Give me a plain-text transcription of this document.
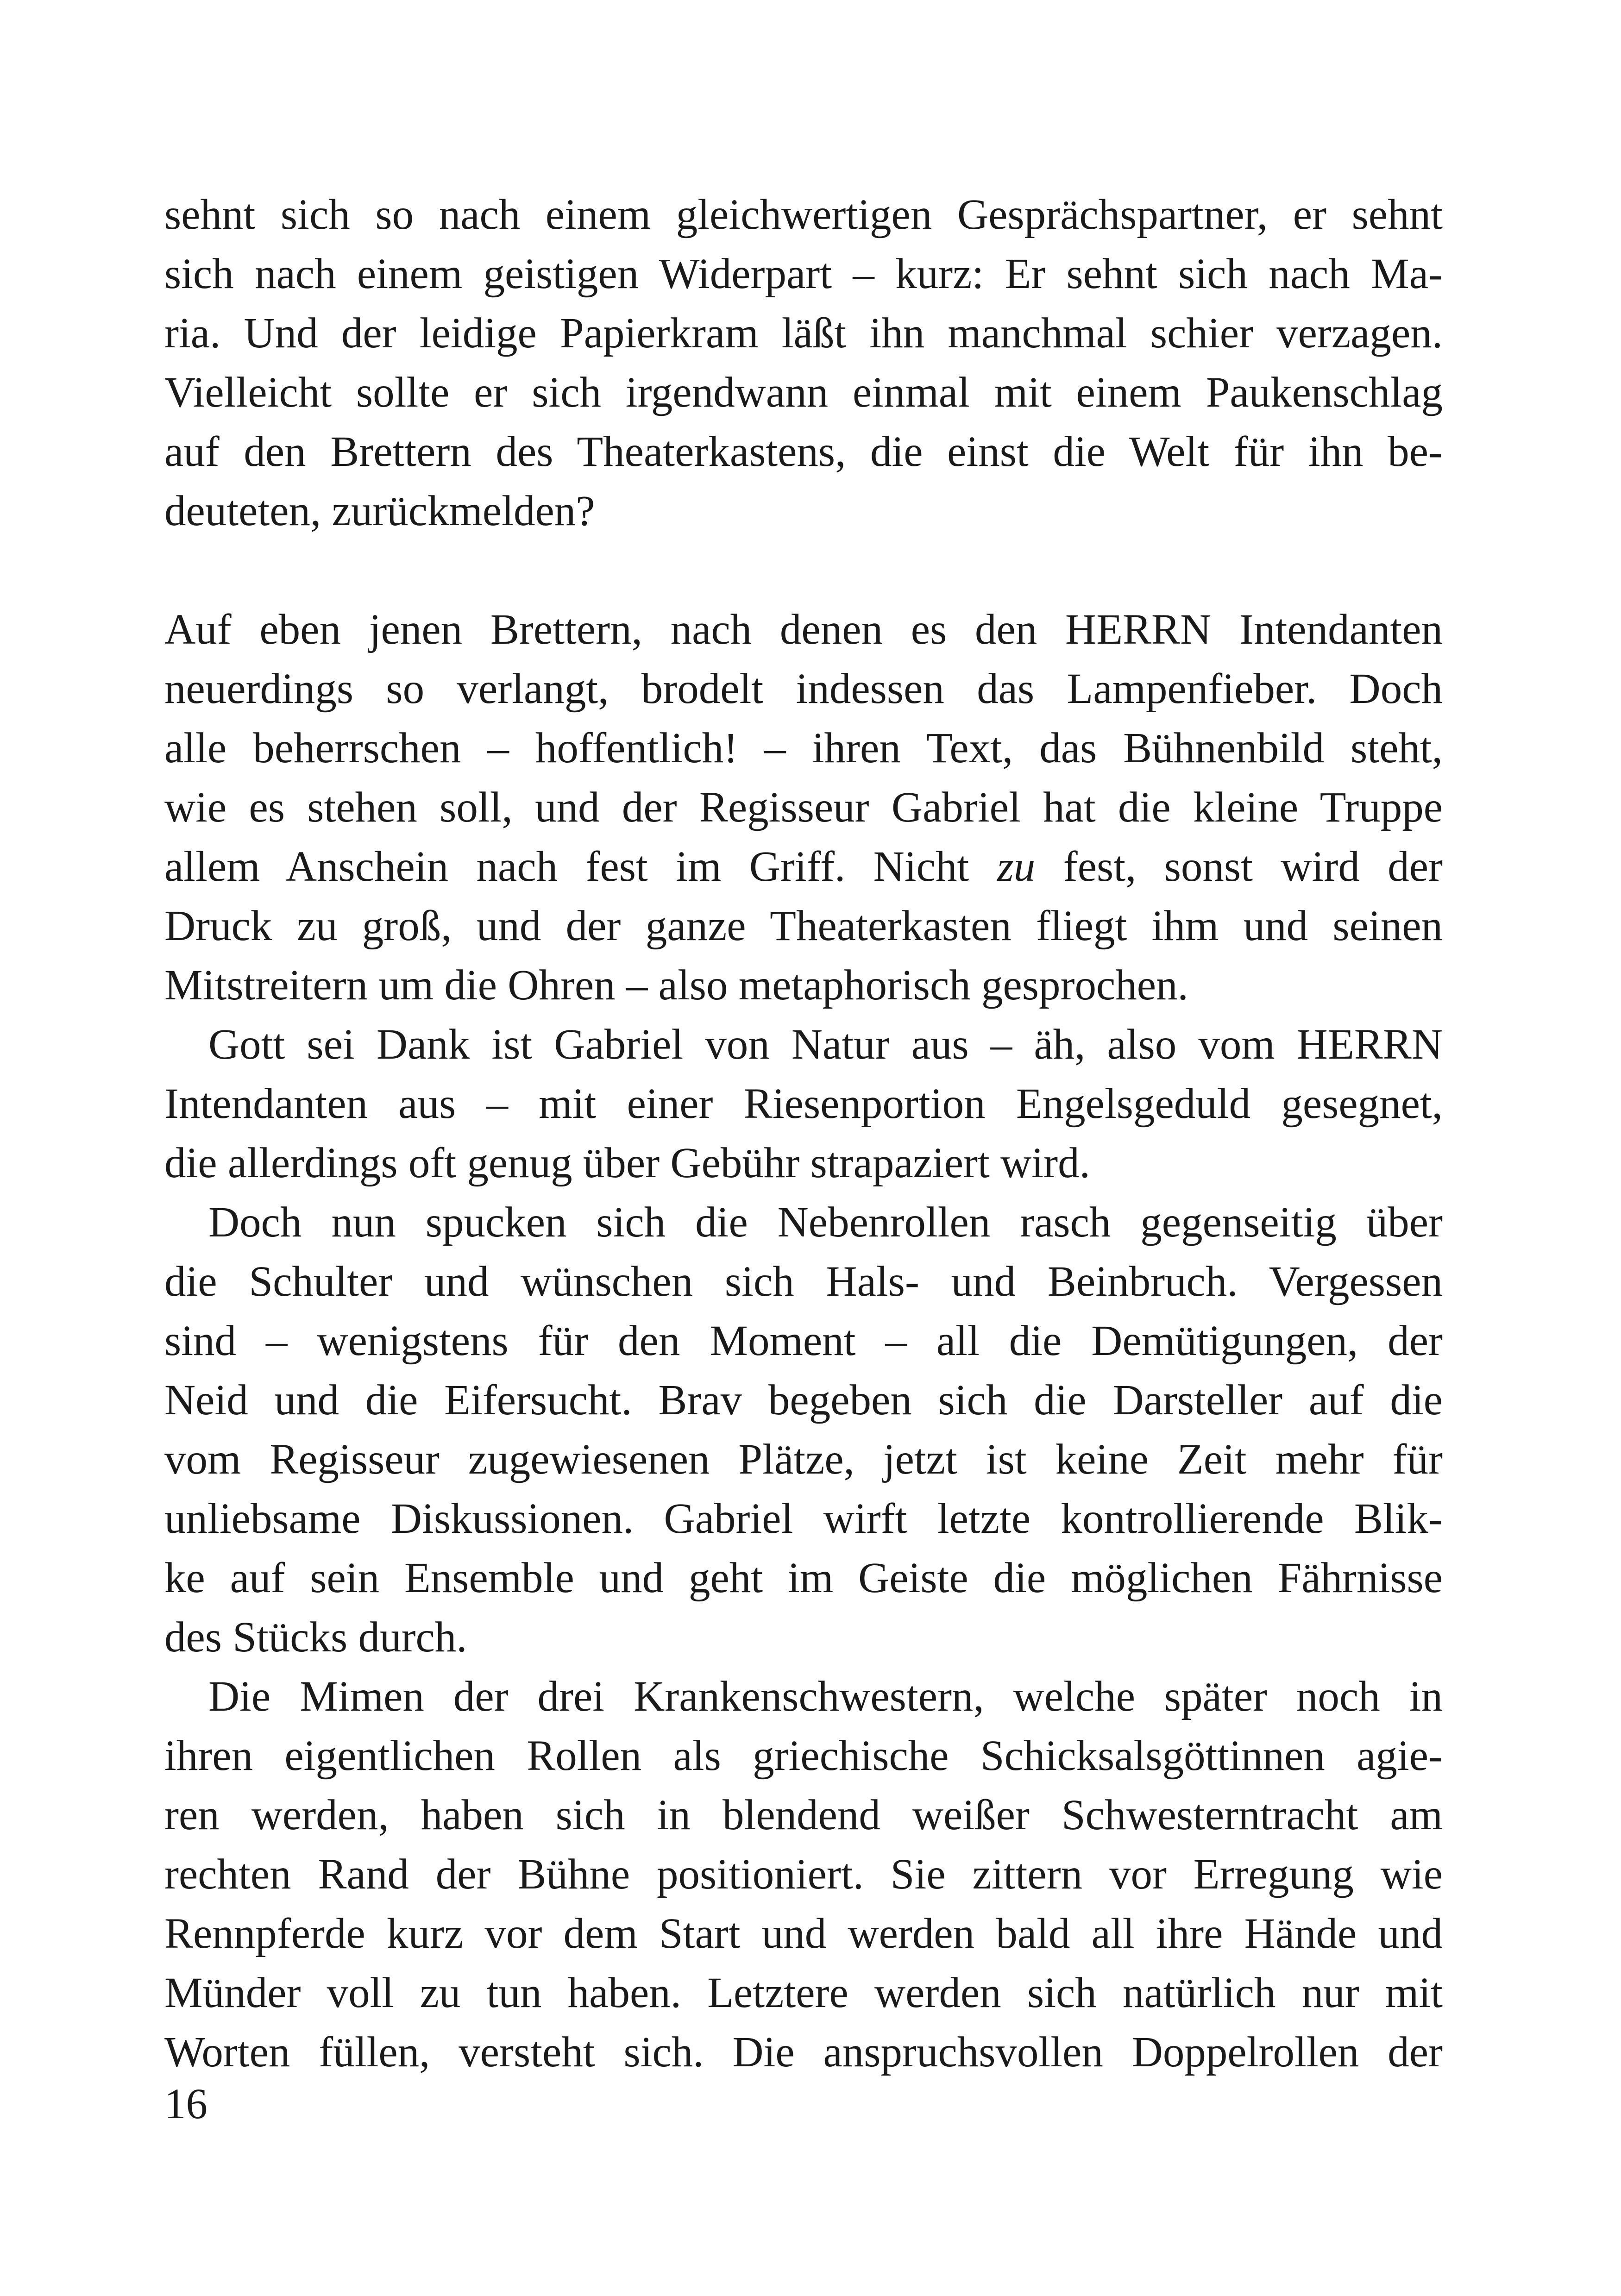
sehnt sich so nach einem gleichwertigen Gesprächspartner, er sehnt
sich nach einem geistigen Widerpart – kurz: Er sehnt sich nach Ma-
ria. Und der leidige Papierkram läßt ihn manchmal schier verzagen.
Vielleicht sollte er sich irgendwann einmal mit einem Paukenschlag
auf den Brettern des Theaterkastens, die einst die Welt für ihn be-
deuteten, zurückmelden?
Auf eben jenen Brettern, nach denen es den HERRN Intendanten
neuerdings so verlangt, brodelt indessen das Lampenfieber. Doch
alle beherrschen – hoffentlich! – ihren Text, das Bühnenbild steht,
wie es stehen soll, und der Regisseur Gabriel hat die kleine Truppe
allem Anschein nach fest im Griff. Nicht zu fest, sonst wird der
Druck zu groß, und der ganze Theaterkasten fliegt ihm und seinen
Mitstreitern um die Ohren – also metaphorisch gesprochen.
Gott sei Dank ist Gabriel von Natur aus – äh, also vom HERRN
Intendanten aus – mit einer Riesenportion Engelsgeduld gesegnet,
die allerdings oft genug über Gebühr strapaziert wird.
Doch nun spucken sich die Nebenrollen rasch gegenseitig über
die Schulter und wünschen sich Hals- und Beinbruch. Vergessen
sind – wenigstens für den Moment – all die Demütigungen, der
Neid und die Eifersucht. Brav begeben sich die Darsteller auf die
vom Regisseur zugewiesenen Plätze, jetzt ist keine Zeit mehr für
unliebsame Diskussionen. Gabriel wirft letzte kontrollierende Blik-
ke auf sein Ensemble und geht im Geiste die möglichen Fährnisse
des Stücks durch.
Die Mimen der drei Krankenschwestern, welche später noch in
ihren eigentlichen Rollen als griechische Schicksalsgöttinnen agie-
ren werden, haben sich in blendend weißer Schwesterntracht am
rechten Rand der Bühne positioniert. Sie zittern vor Erregung wie
Rennpferde kurz vor dem Start und werden bald all ihre Hände und
Münder voll zu tun haben. Letztere werden sich natürlich nur mit
Worten füllen, versteht sich. Die anspruchsvollen Doppelrollen der
16
